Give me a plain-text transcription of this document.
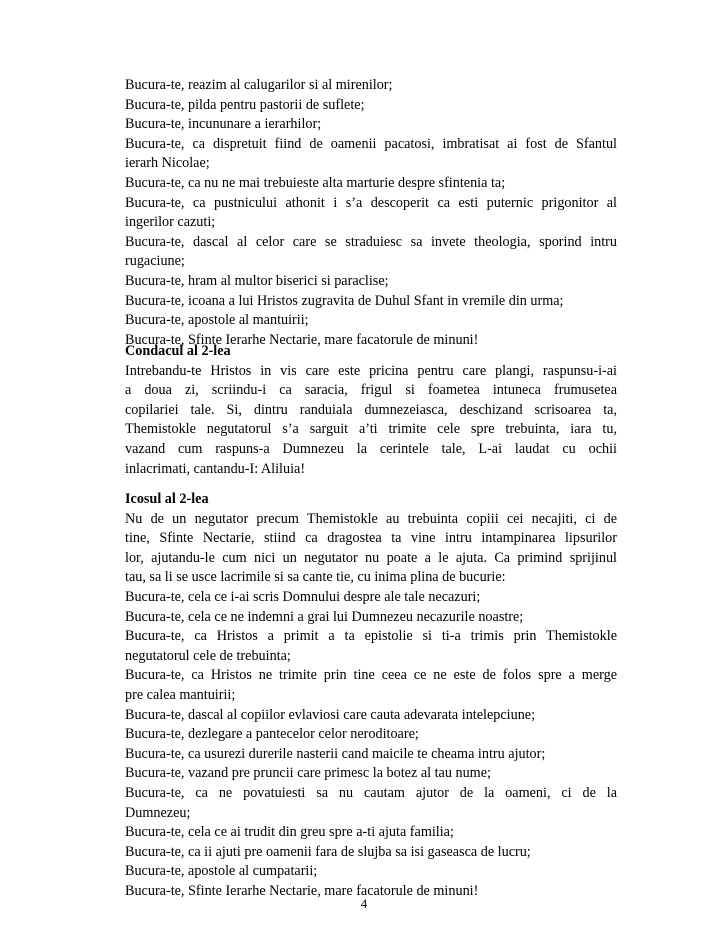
Bucura-te, reazim al calugarilor si al mirenilor;
Bucura-te, pilda pentru pastorii de suflete;
Bucura-te, incununare a ierarhilor;
Bucura-te, ca dispretuit fiind de oamenii pacatosi, imbratisat ai fost de Sfantul
ierarh Nicolae;
Bucura-te, ca nu ne mai trebuieste alta marturie despre sfintenia ta;
Bucura-te, ca pustnicului athonit i s’a descoperit ca esti puternic prigonitor al
ingerilor cazuti;
Bucura-te, dascal al celor care se straduiesc sa invete theologia, sporind intru
rugaciune;
Bucura-te, hram al multor biserici si paraclise;
Bucura-te, icoana a lui Hristos zugravita de Duhul Sfant in vremile din urma;
Bucura-te, apostole al mantuirii;
Bucura-te, Sfinte Ierarhe Nectarie, mare facatorule de minuni!
Condacul al 2-lea
Intrebandu-te Hristos in vis care este pricina pentru care plangi, raspunsu-i-ai
a doua zi, scriindu-i ca saracia, frigul si foametea intuneca frumusetea
copilariei tale. Si, dintru randuiala dumnezeiasca, deschizand scrisoarea ta,
Themistokle negutatorul s’a sarguit a’ti trimite cele spre trebuinta, iara tu,
vazand cum raspuns-a Dumnezeu la cerintele tale, L-ai laudat cu ochii
inlacrimati, cantandu-I: Aliluia!
Icosul al 2-lea
Nu de un negutator precum Themistokle au trebuinta copiii cei necajiti, ci de
tine, Sfinte Nectarie, stiind ca dragostea ta vine intru intampinarea lipsurilor
lor, ajutandu-le cum nici un negutator nu poate a le ajuta. Ca primind sprijinul
tau, sa li se usce lacrimile si sa cante tie, cu inima plina de bucurie:
Bucura-te, cela ce i-ai scris Domnului despre ale tale necazuri;
Bucura-te, cela ce ne indemni a grai lui Dumnezeu necazurile noastre;
Bucura-te, ca Hristos a primit a ta epistolie si ti-a trimis prin Themistokle
negutatorul cele de trebuinta;
Bucura-te, ca Hristos ne trimite prin tine ceea ce ne este de folos spre a merge
pre calea mantuirii;
Bucura-te, dascal al copiilor evlaviosi care cauta adevarata intelepciune;
Bucura-te, dezlegare a pantecelor celor neroditoare;
Bucura-te, ca usurezi durerile nasterii cand maicile te cheama intru ajutor;
Bucura-te, vazand pre pruncii care primesc la botez al tau nume;
Bucura-te, ca ne povatuiesti sa nu cautam ajutor de la oameni, ci de la
Dumnezeu;
Bucura-te, cela ce ai trudit din greu spre a-ti ajuta familia;
Bucura-te, ca ii ajuti pre oamenii fara de slujba sa isi gaseasca de lucru;
Bucura-te, apostole al cumpatarii;
Bucura-te, Sfinte Ierarhe Nectarie, mare facatorule de minuni!
4
